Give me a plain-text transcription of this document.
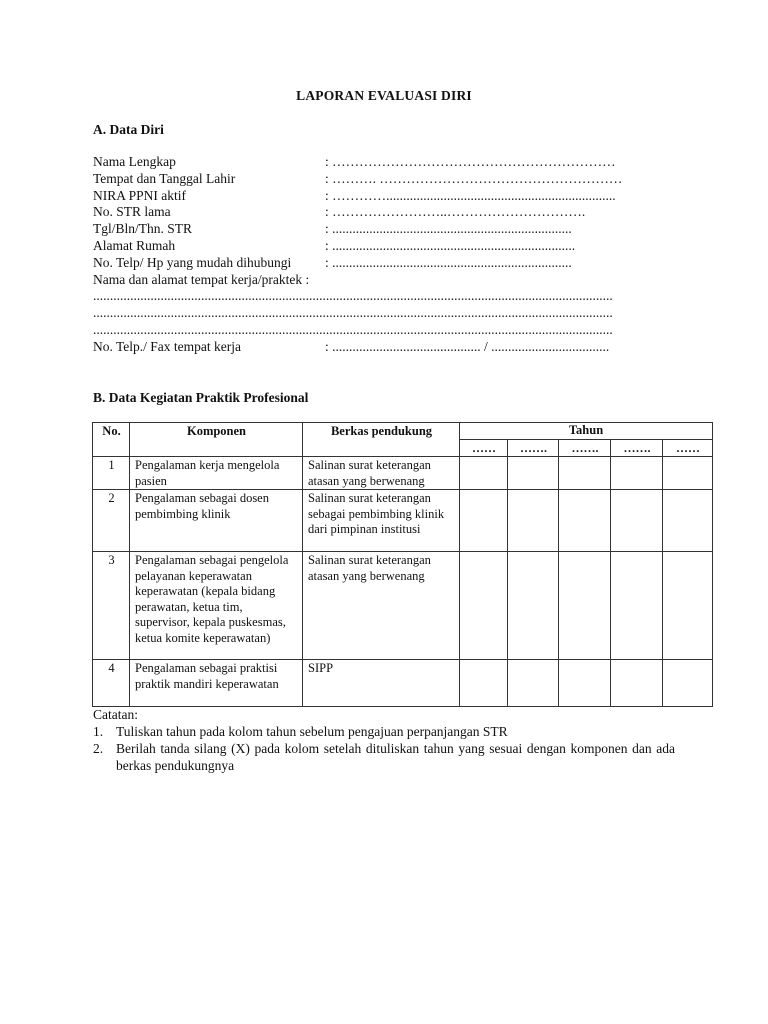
LAPORAN EVALUASI DIRI
A. Data Diri
Nama Lengkap	: ………………………………………………………
Tempat dan Tanggal Lahir	: ………. ………………………………………………
NIRA PPNI aktif	: …………....................................................................
No. STR lama	: ……………………..………………………….
Tgl/Bln/Thn. STR	: .......................................................................
Alamat Rumah	: ........................................................................
No. Telp/ Hp yang mudah dihubungi	: .......................................................................
Nama dan alamat tempat kerja/praktek :
..........................................................................................................................................................
..........................................................................................................................................................
..........................................................................................................................................................
No. Telp./ Fax tempat kerja	: ............................................ / ...................................
B. Data Kegiatan Praktik Profesional
No.	Komponen	Berkas pendukung	Tahun				
			……	…….	…….	…….	……
1	Pengalaman kerja mengelola pasien	Salinan surat keterangan atasan yang berwenang					
2	Pengalaman sebagai dosen pembimbing klinik	Salinan surat keterangan sebagai pembimbing klinik dari pimpinan institusi					
3	Pengalaman sebagai pengelola pelayanan keperawatan keperawatan (kepala bidang perawatan, ketua tim, supervisor, kepala puskesmas, ketua komite keperawatan)	Salinan surat keterangan atasan yang berwenang					
4	Pengalaman sebagai praktisi praktik mandiri keperawatan	SIPP					
Catatan:
1. Tuliskan tahun pada kolom tahun sebelum pengajuan perpanjangan STR
2. Berilah tanda silang (X) pada kolom setelah dituliskan tahun yang sesuai dengan komponen dan ada berkas pendukungnya
